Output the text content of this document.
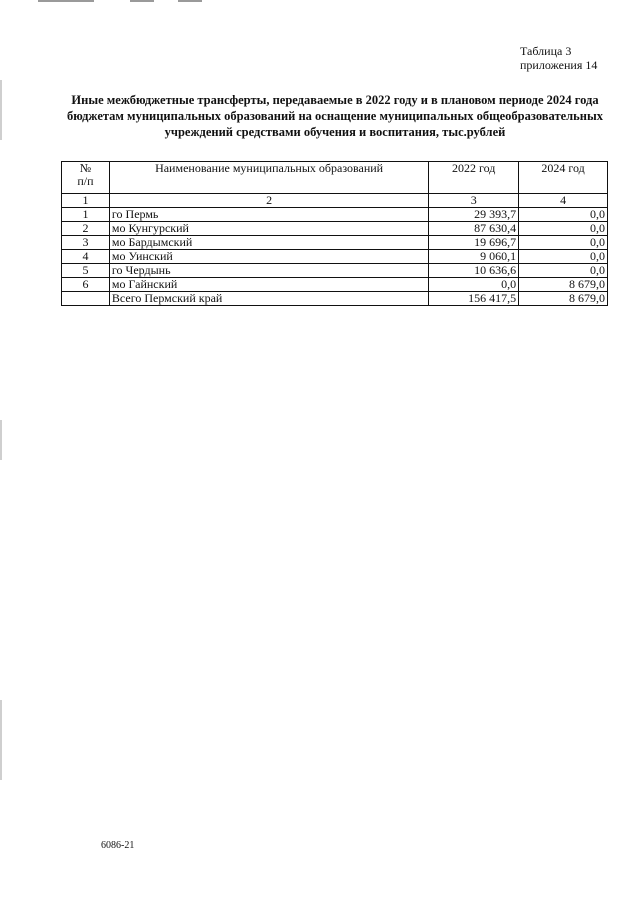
Таблица 3
приложения 14
Иные межбюджетные трансферты, передаваемые в 2022 году и в плановом периоде 2024 года
бюджетам муниципальных образований на оснащение муниципальных общеобразовательных
учреждений средствами обучения и воспитания, тыс.рублей
№
п/п	Наименование муниципальных образований	2022 год	2024 год
1	2	3	4
1	го Пермь	29 393,7	0,0
2	мо Кунгурский	87 630,4	0,0
3	мо Бардымский	19 696,7	0,0
4	мо Уинский	9 060,1	0,0
5	го Чердынь	10 636,6	0,0
6	мо Гайнский	0,0	8 679,0
	Всего Пермский край	156 417,5	8 679,0
6086-21
